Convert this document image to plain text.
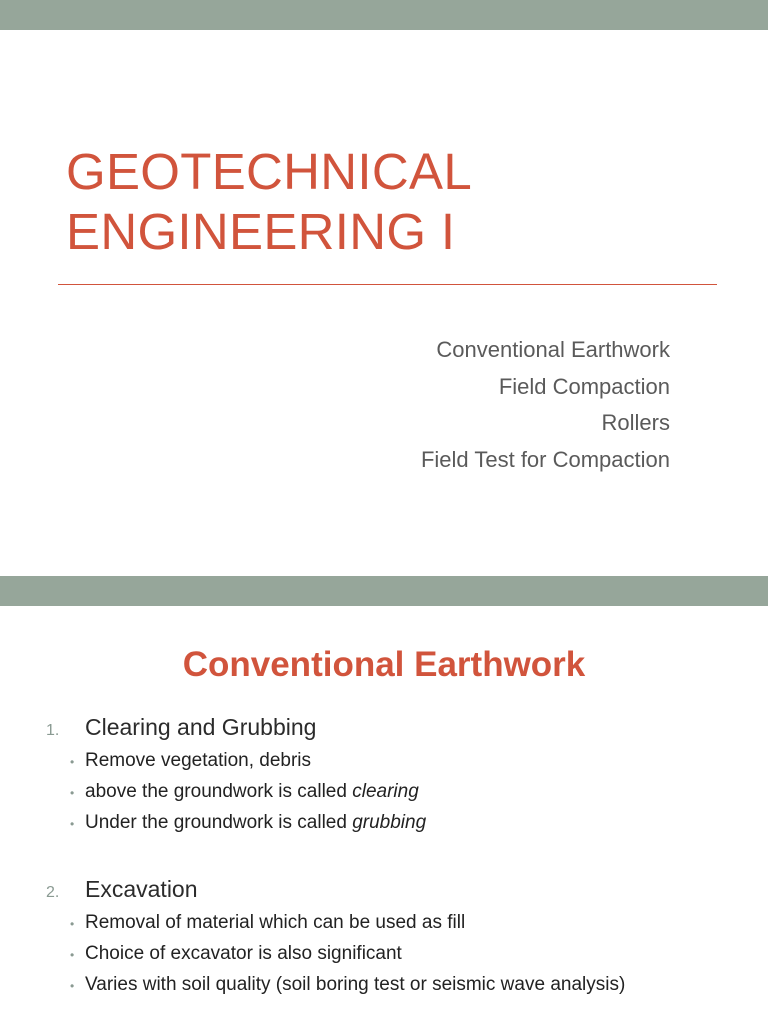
GEOTECHNICAL
ENGINEERING I
Conventional Earthwork
Field Compaction
Rollers
Field Test for Compaction
Conventional Earthwork
1.	Clearing and Grubbing
• Remove vegetation, debris
• above the groundwork is called clearing
• Under the groundwork is called grubbing
2.	Excavation
• Removal of material which can be used as fill
• Choice of excavator is also significant
• Varies with soil quality (soil boring test or seismic wave analysis)
